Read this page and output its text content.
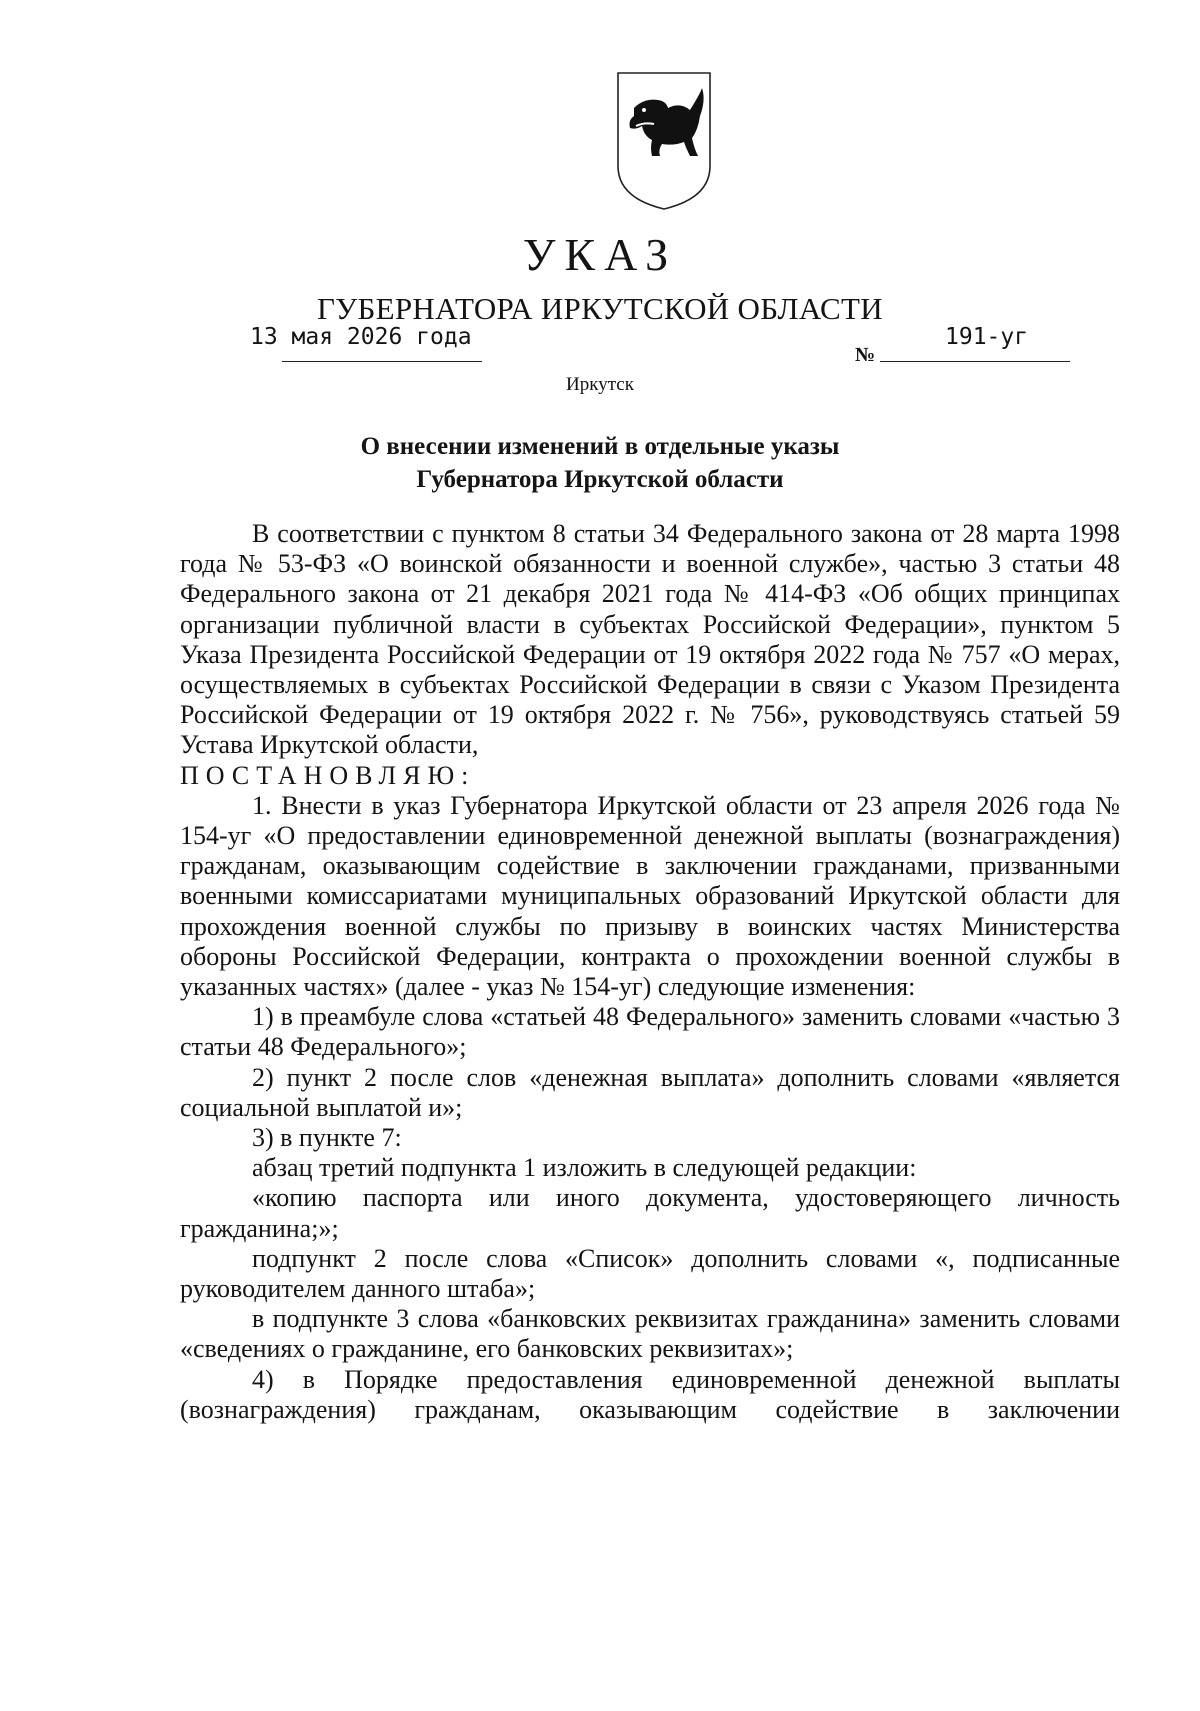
УКАЗ
ГУБЕРНАТОРА ИРКУТСКОЙ ОБЛАСТИ
13 мая 2026 года
№
191-уг
Иркутск
О внесении изменений в отдельные указы
Губернатора Иркутской области

В соответствии с пунктом 8 статьи 34 Федерального закона от 28 марта 1998 года № 53-ФЗ «О воинской обязанности и военной службе», частью 3 статьи 48 Федерального закона от 21 декабря 2021 года № 414-ФЗ «Об общих принципах организации публичной власти в субъектах Российской Федерации», пунктом 5 Указа Президента Российской Федерации от 19 октября 2022 года № 757 «О мерах, осуществляемых в субъектах Российской Федерации в связи с Указом Президента Российской Федерации от 19 октября 2022 г. № 756», руководствуясь статьей 59 Устава Иркутской области,

ПОСТАНОВЛЯЮ:

1. Внести в указ Губернатора Иркутской области от 23 апреля 2026 года № 154-уг «О предоставлении единовременной денежной выплаты (вознаграждения) гражданам, оказывающим содействие в заключении гражданами, призванными военными комиссариатами муниципальных образований Иркутской области для прохождения военной службы по призыву в воинских частях Министерства обороны Российской Федерации, контракта о прохождении военной службы в указанных частях» (далее - указ № 154-уг) следующие изменения:

1) в преамбуле слова «статьей 48 Федерального» заменить словами «частью 3 статьи 48 Федерального»;

2) пункт 2 после слов «денежная выплата» дополнить словами «является социальной выплатой и»;

3) в пункте 7:

абзац третий подпункта 1 изложить в следующей редакции:

«копию паспорта или иного документа, удостоверяющего личность гражданина;»;

подпункт 2 после слова «Список» дополнить словами «, подписанные руководителем данного штаба»;

в подпункте 3 слова «банковских реквизитах гражданина» заменить словами «сведениях о гражданине, его банковских реквизитах»;

4) в Порядке предоставления единовременной денежной выплаты (вознаграждения) гражданам, оказывающим содействие в заключении
